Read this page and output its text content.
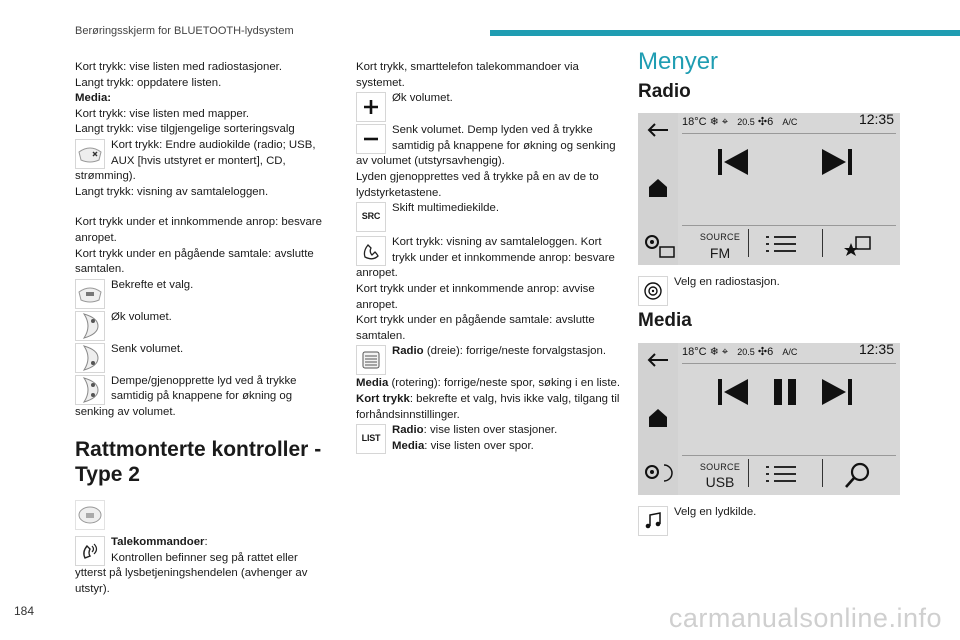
Berøringsskjerm for BLUETOOTH-lydsystem

Kort trykk: vise listen med radiostasjoner.

Langt trykk: oppdatere listen.

Media:

Kort trykk: vise listen med mapper.

Langt trykk: vise tilgjengelige sorteringsvalg

Kort trykk: Endre audiokilde (radio; USB, AUX [hvis utstyret er montert], CD, strømming).

Langt trykk: visning av samtaleloggen.

Kort trykk under et innkommende anrop: besvare anropet.

Kort trykk under en pågående samtale: avslutte samtalen.

Bekrefte et valg.

Øk volumet.

Senk volumet.

Dempe/gjenopprette lyd ved å trykke samtidig på knappene for økning og senking av volumet.

Rattmonterte kontroller - Type 2

Talekommandoer:
Kontrollen befinner seg på rattet eller ytterst på lysbetjeningshendelen (avhenger av utstyr).

Kort trykk, smarttelefon talekommandoer via systemet.

Øk volumet.

Senk volumet. Demp lyden ved å trykke samtidig på knappene for økning og senking av volumet (utstyrsavhengig).

Lyden gjenopprettes ved å trykke på en av de to lydstyrketastene.

SRC

Skift multimediekilde.

Kort trykk: visning av samtaleloggen. Kort trykk under et innkommende anrop: besvare anropet.

Kort trykk under et innkommende anrop: avvise anropet.

Kort trykk under en pågående samtale: avslutte samtalen.

Radio (dreie): forrige/neste forvalgstasjon.

Media (rotering): forrige/neste spor, søking i en liste.

Kort trykk: bekrefte et valg, hvis ikke valg, tilgang til forhåndsinnstillinger.

LIST

Radio: vise listen over stasjoner.
Media: vise listen over spor.

Menyer
Radio
18°C ❄ ⌖   20.5 ✣6 A/C	12:35
SOURCE
FM

Velg en radiostasjon.

Media
18°C ❄ ⌖   20.5 ✣6 A/C	12:35
SOURCE
USB

Velg en lydkilde.

184	carmanualsonline.info
